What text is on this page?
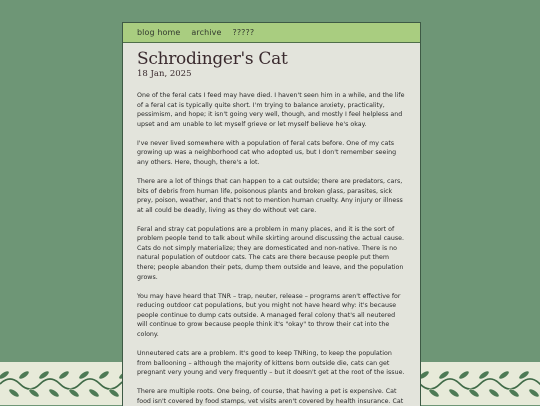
blog home archive ?????
Schrodinger's Cat
18 Jan, 2025

One of the feral cats I feed may have died. I haven't seen him in a while, and the life of a feral cat is typically quite short. I'm trying to balance anxiety, practicality, pessimism, and hope; it isn't going very well, though, and mostly I feel helpless and upset and am unable to let myself grieve or let myself believe he's okay.

I've never lived somewhere with a population of feral cats before. One of my cats growing up was a neighborhood cat who adopted us, but I don't remember seeing any others. Here, though, there's a lot.

There are a lot of things that can happen to a cat outside; there are predators, cars, bits of debris from human life, poisonous plants and broken glass, parasites, sick prey, poison, weather, and that's not to mention human cruelty. Any injury or illness at all could be deadly, living as they do without vet care.

Feral and stray cat populations are a problem in many places, and it is the sort of problem people tend to talk about while skirting around discussing the actual cause. Cats do not simply materialize; they are domesticated and non-native. There is no natural population of outdoor cats. The cats are there because people put them there; people abandon their pets, dump them outside and leave, and the population grows.

You may have heard that TNR – trap, neuter, release – programs aren't effective for reducing outdoor cat populations, but you might not have heard why: it's because people continue to dump cats outside. A managed feral colony that's all neutered will continue to grow because people think it's "okay" to throw their cat into the colony.

Unneutered cats are a problem. It's good to keep TNRing, to keep the population from ballooning – although the majority of kittens born outside die, cats can get pregnant very young and very frequently – but it doesn't get at the root of the issue.

There are multiple roots. One being, of course, that having a pet is expensive. Cat food isn't covered by food stamps, vet visits aren't covered by health insurance. Cat
